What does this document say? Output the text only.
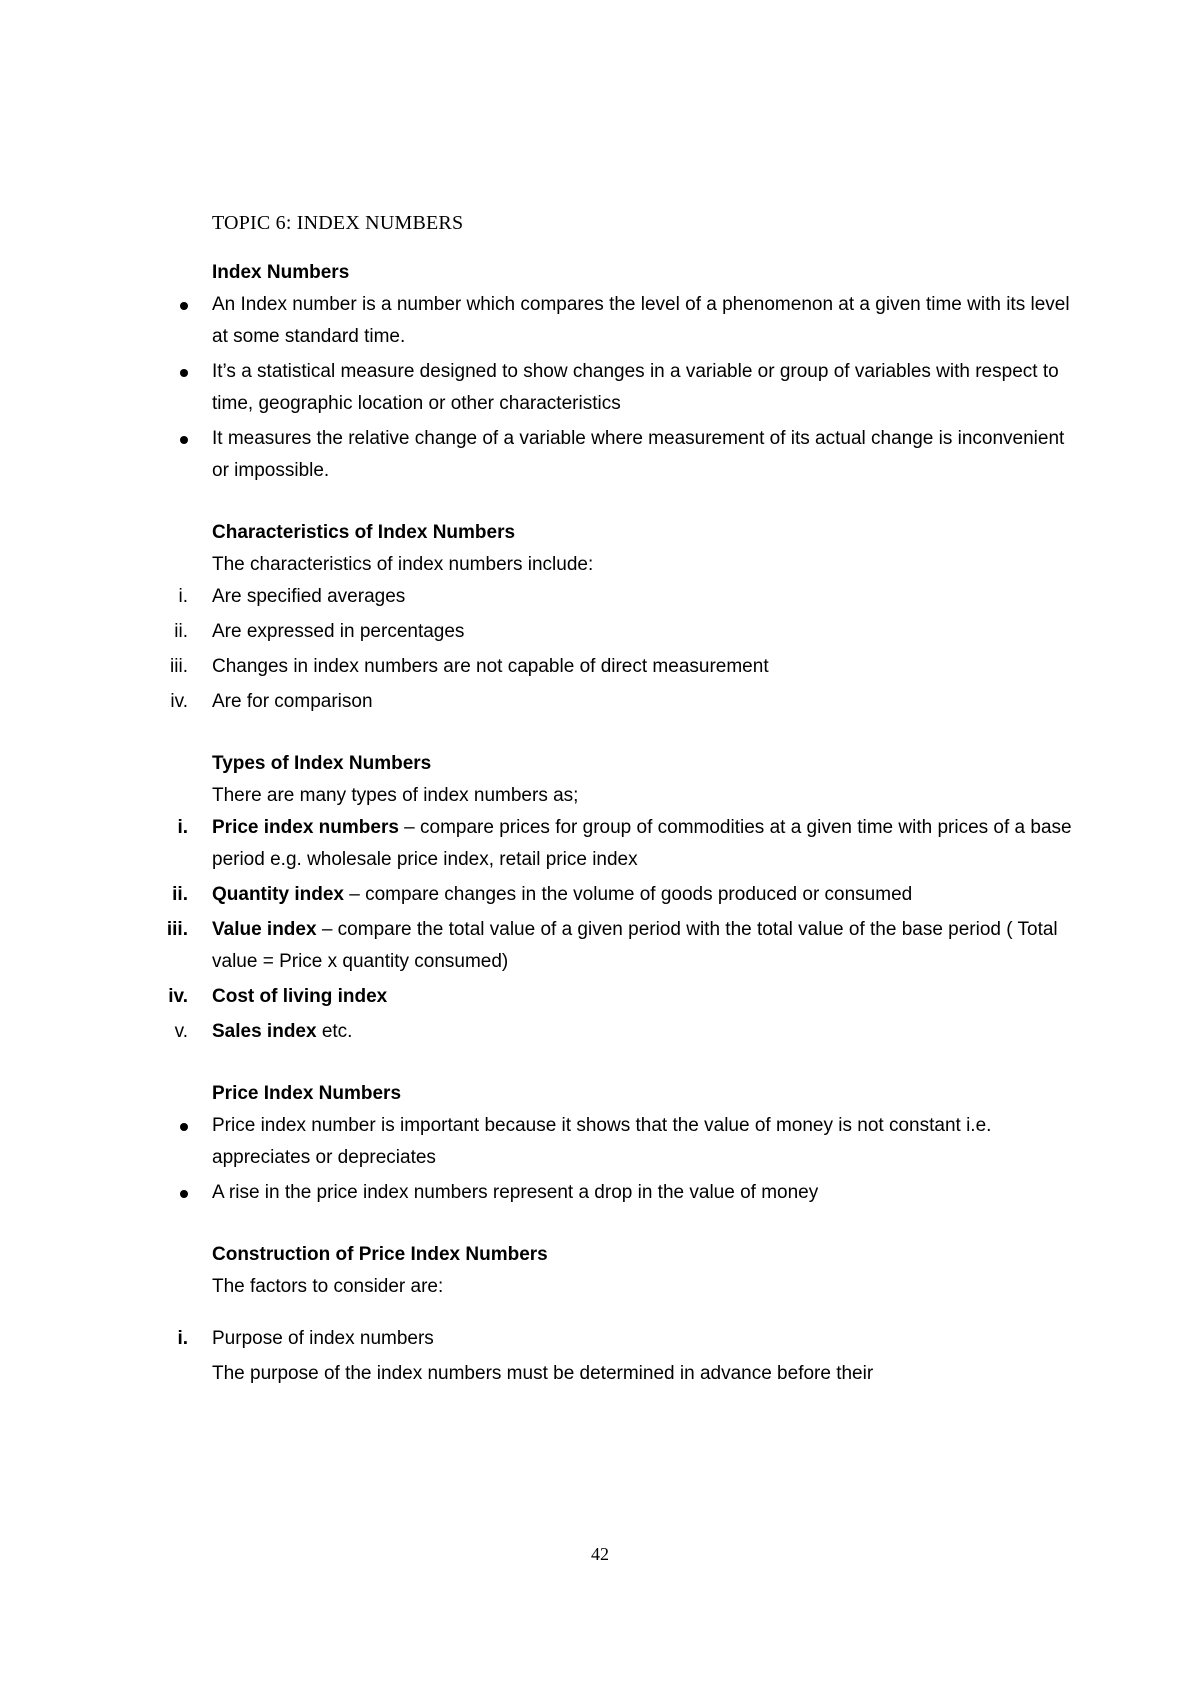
TOPIC 6: INDEX NUMBERS

Index Numbers

An Index number is a number which compares the level of a phenomenon at a given time with its level at some standard time.
It’s a statistical measure designed to show changes in a variable or group of variables with respect to time, geographic location or other characteristics
It measures the relative change of a variable where measurement of its actual change is inconvenient or impossible.

Characteristics of Index Numbers

The characteristics of index numbers include:

i. Are specified averages
ii. Are expressed in percentages
iii. Changes in index numbers are not capable of direct measurement
iv. Are for comparison

Types of Index Numbers

There are many types of index numbers as;

i. Price index numbers – compare prices for group of commodities at a given time with prices of a base period e.g. wholesale price index, retail price index
ii. Quantity index – compare changes in the volume of goods produced or consumed
iii. Value index – compare the total value of a given period with the total value of the base period ( Total value = Price x quantity consumed)
iv. Cost of living index
v. Sales index etc.

Price Index Numbers

Price index number is important because it shows that the value of money is not constant i.e. appreciates or depreciates
A rise in the price index numbers represent a drop in the value of money

Construction of Price Index Numbers

The factors to consider are:

i. Purpose of index numbers

The purpose of the index numbers must be determined in advance before their

42
